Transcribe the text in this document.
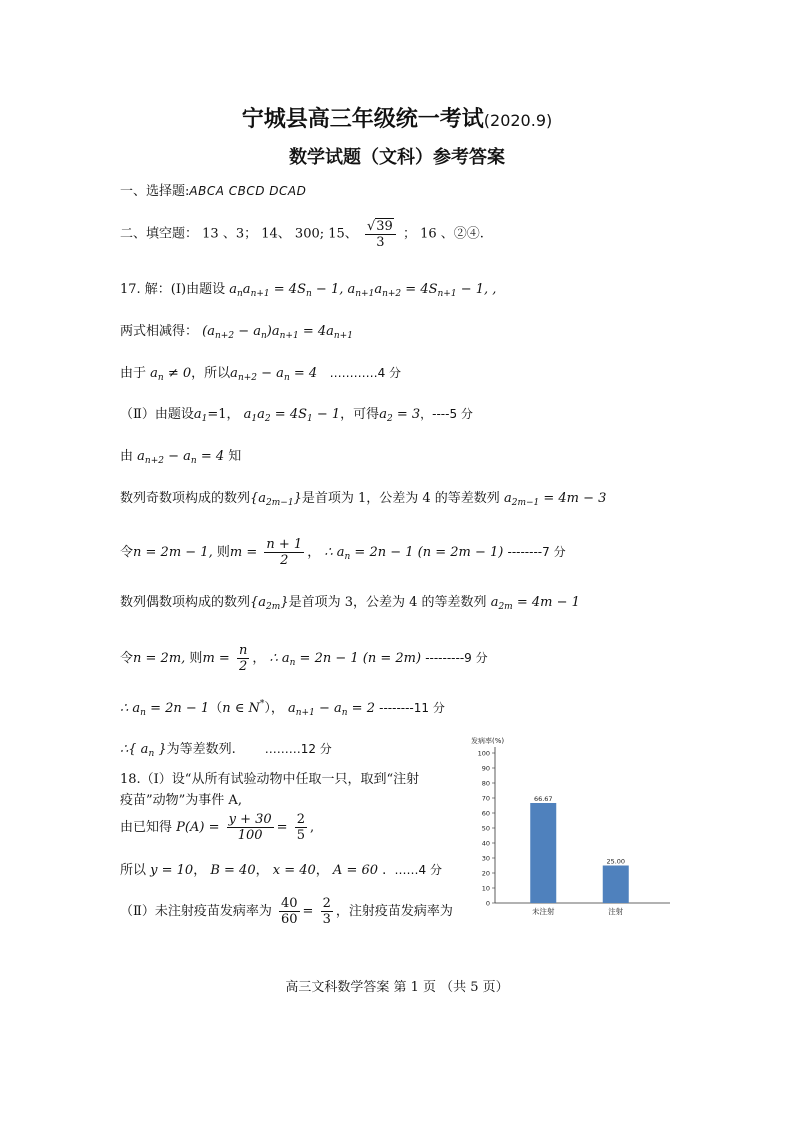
宁城县高三年级统一考试(2020.9)
数学试题（文科）参考答案
一、选择题:ABCA CBCD DCAD
二、填空题： 13 、3； 14、 300; 15、 $\frac{√39}{3}$ ； 16 、②④.
17. 解：(Ⅰ)由题设 $a_na_{n+1} = 4S_n - 1$, $a_{n+1}a_{n+2} = 4S_{n+1} - 1$, ,
两式相减得： $(a_{n+2} - a_n)a_{n+1} = 4a_{n+1}$
由于 $a_n \ne 0$，所以$a_{n+2} - a_n = 4$ …………4 分
（Ⅱ）由题设$a_1=1$， $a_1a_2 = 4S_1 - 1$，可得$a_2 = 3$，----5 分
由 $a_{n+2} - a_n = 4$ 知
数列奇数项构成的数列$\{a_{2m-1}\}$是首项为 1，公差为 4 的等差数列 $a_{2m-1} = 4m - 3$
令n = 2m − 1, 则$m = \frac{n + 1}{2}$ ， ∴ $a_n = 2n - 1$ (n = 2m − 1) --------7 分
数列偶数项构成的数列$\{a_{2m}\}$是首项为 3，公差为 4 的等差数列 $a_{2m} = 4m - 1$
令n = 2m, 则$m = \frac{n}{2}$ ， ∴ $a_n = 2n - 1$ (n = 2m) ---------9 分
∴ $a_n = 2n - 1(n$ ∈ N*）， $a_{n+1} - a_n = 2$ --------11 分
∴{ $a_n$ }为等差数列. ………12 分
18.（Ⅰ）设“从所有试验动物中任取一只，取到“注射
疫苗”动物”为事件 A,
由已知得 $P(A) = \frac{y + 30}{100} = \frac{2}{5}$ ,
所以 y = 10， B = 40， x = 40， A = 60 .  ……4 分
（Ⅱ）未注射疫苗发病率为 $\frac{40}{60} = \frac{2}{3}$ ，注射疫苗发病率为
发病率(%)
0
10
20
30
40
50
60
70
80
90
100
66.67
未注射
25.00
注射
高三文科数学答案 第 1 页 （共 5 页）
